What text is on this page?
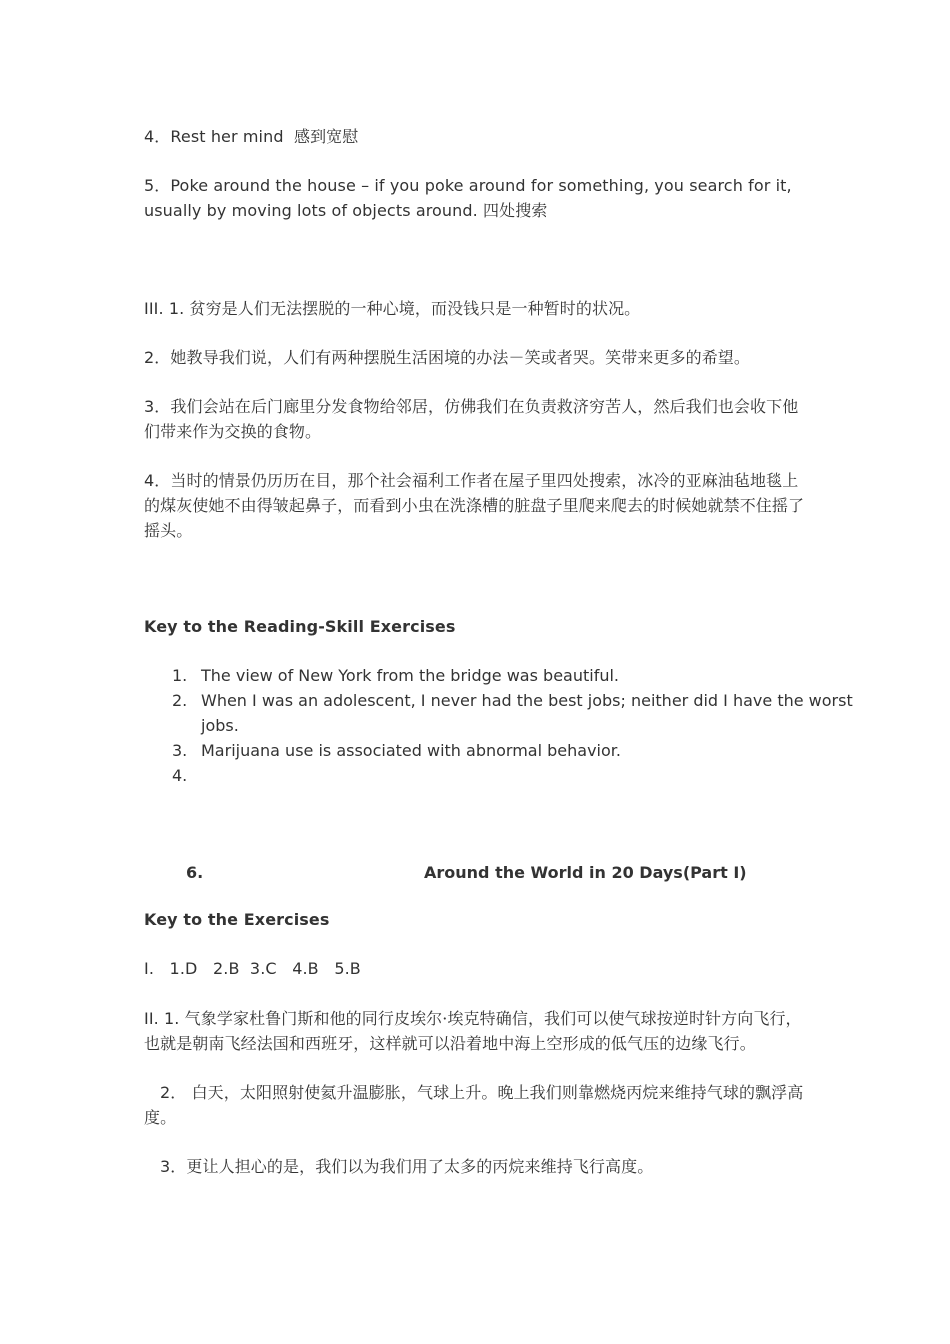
4．Rest her mind 感到宽慰

5．Poke around the house – if you poke around for something, you search for it, usually by moving lots of objects around. 四处搜索

III. 1. 贫穷是人们无法摆脱的一种心境，而没钱只是一种暂时的状况。

2．她教导我们说，人们有两种摆脱生活困境的办法－笑或者哭。笑带来更多的希望。

3．我们会站在后门廊里分发食物给邻居，仿佛我们在负责救济穷苦人，然后我们也会收下他们带来作为交换的食物。

4．当时的情景仍历历在目，那个社会福利工作者在屋子里四处搜索，冰冷的亚麻油毡地毯上的煤灰使她不由得皱起鼻子，而看到小虫在洗涤槽的脏盘子里爬来爬去的时候她就禁不住摇了摇头。

Key to the Reading-Skill Exercises

1. The view of New York from the bridge was beautiful.
2. When I was an adolescent, I never had the best jobs; neither did I have the worst jobs.
3. Marijuana use is associated with abnormal behavior.
4.

6.	Around the World in 20 Days(Part I)

Key to the Exercises

I.   1.D   2.B  3.C   4.B   5.B

II. 1. 气象学家杜鲁门斯和他的同行皮埃尔·埃克特确信，我们可以使气球按逆时针方向飞行，也就是朝南飞经法国和西班牙，这样就可以沿着地中海上空形成的低气压的边缘飞行。

2． 白天，太阳照射使氦升温膨胀，气球上升。晚上我们则靠燃烧丙烷来维持气球的飘浮高度。

3．更让人担心的是，我们以为我们用了太多的丙烷来维持飞行高度。
